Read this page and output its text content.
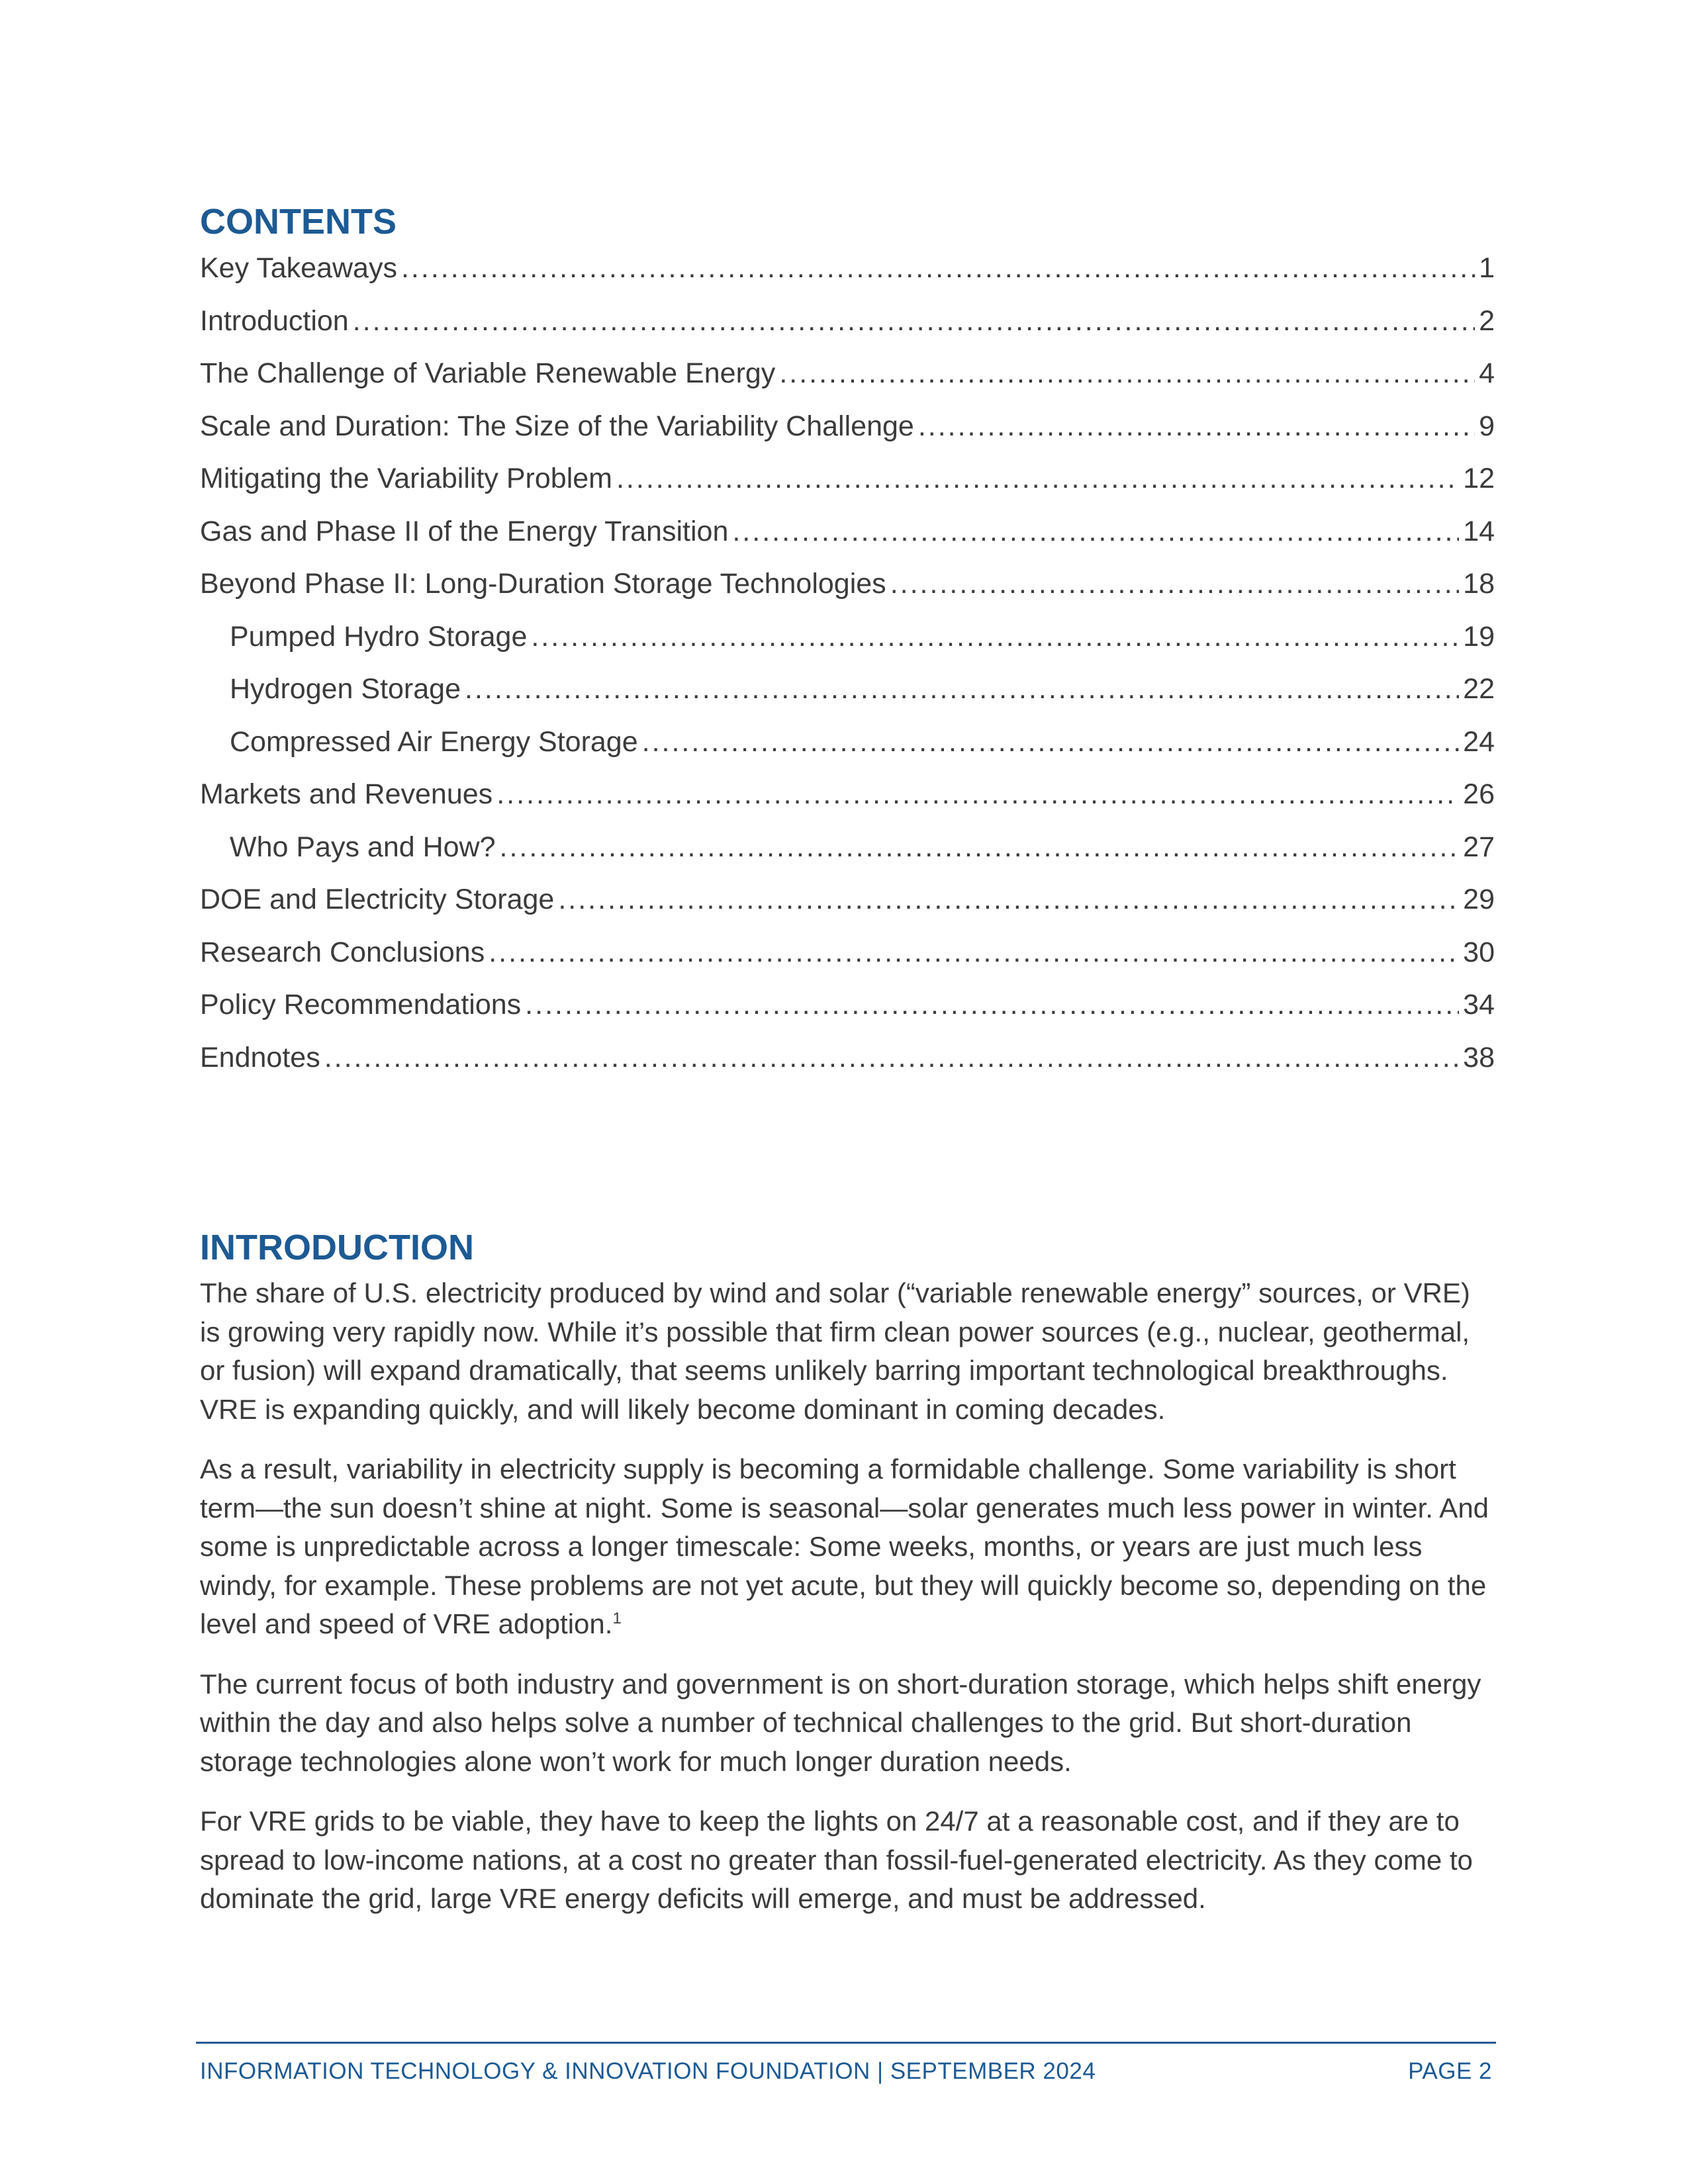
CONTENTS
Key Takeaways .....	1
Introduction .....	2
The Challenge of Variable Renewable Energy .....	4
Scale and Duration: The Size of the Variability Challenge .....	9
Mitigating the Variability Problem .....	12
Gas and Phase II of the Energy Transition .....	14
Beyond Phase II: Long-Duration Storage Technologies .....	18
Pumped Hydro Storage .....	19
Hydrogen Storage .....	22
Compressed Air Energy Storage .....	24
Markets and Revenues .....	26
Who Pays and How? .....	27
DOE and Electricity Storage .....	29
Research Conclusions .....	30
Policy Recommendations .....	34
Endnotes .....	38
INTRODUCTION

The share of U.S. electricity produced by wind and solar (“variable renewable energy” sources, or VRE) is growing very rapidly now. While it’s possible that firm clean power sources (e.g., nuclear, geothermal, or fusion) will expand dramatically, that seems unlikely barring important technological breakthroughs. VRE is expanding quickly, and will likely become dominant in coming decades.

As a result, variability in electricity supply is becoming a formidable challenge. Some variability is short term—the sun doesn’t shine at night. Some is seasonal—solar generates much less power in winter. And some is unpredictable across a longer timescale: Some weeks, months, or years are just much less windy, for example. These problems are not yet acute, but they will quickly become so, depending on the level and speed of VRE adoption.$^1$

The current focus of both industry and government is on short-duration storage, which helps shift energy within the day and also helps solve a number of technical challenges to the grid. But short-duration storage technologies alone won’t work for much longer duration needs.

For VRE grids to be viable, they have to keep the lights on 24/7 at a reasonable cost, and if they are to spread to low-income nations, at a cost no greater than fossil-fuel-generated electricity. As they come to dominate the grid, large VRE energy deficits will emerge, and must be addressed.

INFORMATION TECHNOLOGY & INNOVATION FOUNDATION | SEPTEMBER 2024	PAGE 2
